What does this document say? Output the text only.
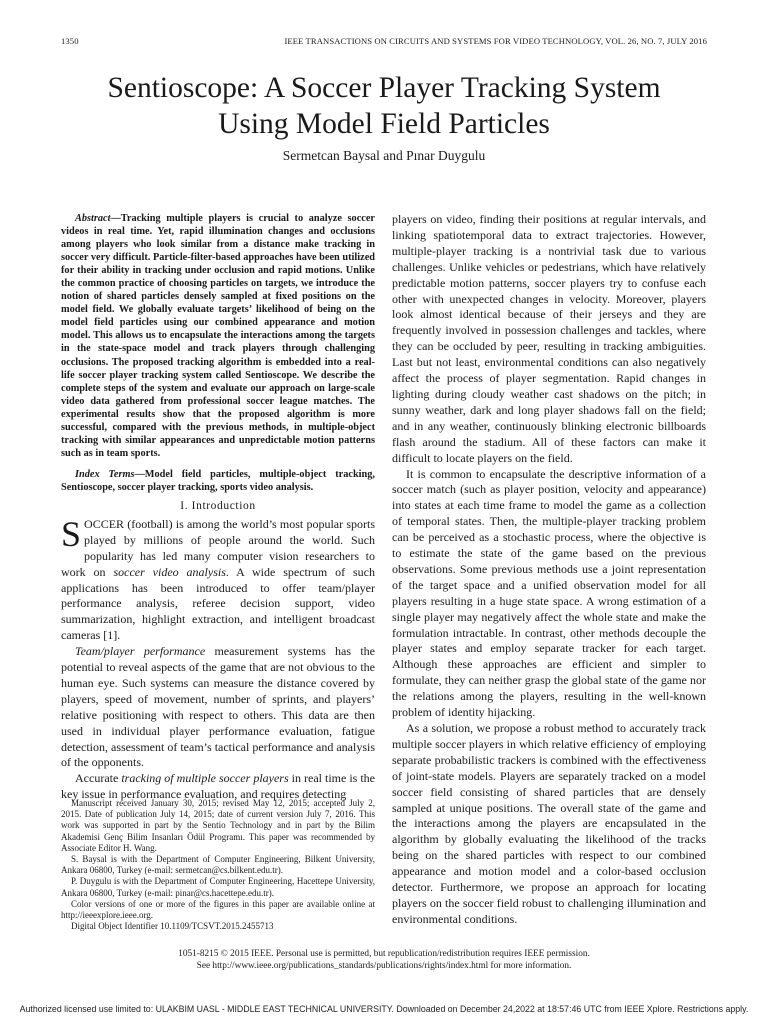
1350	IEEE TRANSACTIONS ON CIRCUITS AND SYSTEMS FOR VIDEO TECHNOLOGY, VOL. 26, NO. 7, JULY 2016
Sentioscope: A Soccer Player Tracking System
Using Model Field Particles
Sermetcan Baysal and Pınar Duygulu

Abstract—Tracking multiple players is crucial to analyze soccer videos in real time. Yet, rapid illumination changes and occlusions among players who look similar from a distance make tracking in soccer very difficult. Particle-filter-based approaches have been utilized for their ability in tracking under occlusion and rapid motions. Unlike the common practice of choosing particles on targets, we introduce the notion of shared particles densely sampled at fixed positions on the model field. We globally evaluate targets’ likelihood of being on the model field particles using our combined appearance and motion model. This allows us to encapsulate the interactions among the targets in the state-space model and track players through challenging occlusions. The proposed tracking algorithm is embedded into a real-life soccer player tracking system called Sentioscope. We describe the complete steps of the system and evaluate our approach on large-scale video data gathered from professional soccer league matches. The experimental results show that the proposed algorithm is more successful, compared with the previous methods, in multiple-object tracking with similar appearances and unpredictable motion patterns such as in team sports.

Index Terms—Model field particles, multiple-object tracking, Sentioscope, soccer player tracking, sports video analysis.

I. Introduction

SOCCER (football) is among the world’s most popular sports played by millions of people around the world. Such popularity has led many computer vision researchers to work on soccer video analysis. A wide spectrum of such applications has been introduced to offer team/player performance analysis, referee decision support, video summarization, highlight extraction, and intelligent broadcast cameras [1].

Team/player performance measurement systems has the potential to reveal aspects of the game that are not obvious to the human eye. Such systems can measure the distance covered by players, speed of movement, number of sprints, and players’ relative positioning with respect to others. This data are then used in individual player performance evaluation, fatigue detection, assessment of team’s tactical performance and analysis of the opponents.

Accurate tracking of multiple soccer players in real time is the key issue in performance evaluation, and requires detecting

Manuscript received January 30, 2015; revised May 12, 2015; accepted July 2, 2015. Date of publication July 14, 2015; date of current version July 7, 2016. This work was supported in part by the Sentio Technology and in part by the Bilim Akademisi Genç Bilim Insanları Ödül Programı. This paper was recommended by Associate Editor H. Wang.

S. Baysal is with the Department of Computer Engineering, Bilkent University, Ankara 06800, Turkey (e-mail: sermetcan@cs.bilkent.edu.tr).

P. Duygulu is with the Department of Computer Engineering, Hacettepe University, Ankara 06800, Turkey (e-mail: pinar@cs.hacettepe.edu.tr).

Color versions of one or more of the figures in this paper are available online at http://ieeexplore.ieee.org.

Digital Object Identifier 10.1109/TCSVT.2015.2455713

players on video, finding their positions at regular intervals, and linking spatiotemporal data to extract trajectories. However, multiple-player tracking is a nontrivial task due to various challenges. Unlike vehicles or pedestrians, which have relatively predictable motion patterns, soccer players try to confuse each other with unexpected changes in velocity. Moreover, players look almost identical because of their jerseys and they are frequently involved in possession challenges and tackles, where they can be occluded by peer, resulting in tracking ambiguities. Last but not least, environmental conditions can also negatively affect the process of player segmentation. Rapid changes in lighting during cloudy weather cast shadows on the pitch; in sunny weather, dark and long player shadows fall on the field; and in any weather, continuously blinking electronic billboards flash around the stadium. All of these factors can make it difficult to locate players on the field.

It is common to encapsulate the descriptive information of a soccer match (such as player position, velocity and appearance) into states at each time frame to model the game as a collection of temporal states. Then, the multiple-player tracking problem can be perceived as a stochastic process, where the objective is to estimate the state of the game based on the previous observations. Some previous methods use a joint representation of the target space and a unified observation model for all players resulting in a huge state space. A wrong estimation of a single player may negatively affect the whole state and make the formulation intractable. In contrast, other methods decouple the player states and employ separate tracker for each target. Although these approaches are efficient and simpler to formulate, they can neither grasp the global state of the game nor the relations among the players, resulting in the well-known problem of identity hijacking.

As a solution, we propose a robust method to accurately track multiple soccer players in which relative efficiency of employing separate probabilistic trackers is combined with the effectiveness of joint-state models. Players are separately tracked on a model soccer field consisting of shared particles that are densely sampled at unique positions. The overall state of the game and the interactions among the players are encapsulated in the algorithm by globally evaluating the likelihood of the tracks being on the shared particles with respect to our combined appearance and motion model and a color-based occlusion detector. Furthermore, we propose an approach for locating players on the soccer field robust to challenging illumination and environmental conditions.

1051-8215 © 2015 IEEE. Personal use is permitted, but republication/redistribution requires IEEE permission.

See http://www.ieee.org/publications_standards/publications/rights/index.html for more information.

Authorized licensed use limited to: ULAKBIM UASL - MIDDLE EAST TECHNICAL UNIVERSITY. Downloaded on December 24,2022 at 18:57:46 UTC from IEEE Xplore. Restrictions apply.
